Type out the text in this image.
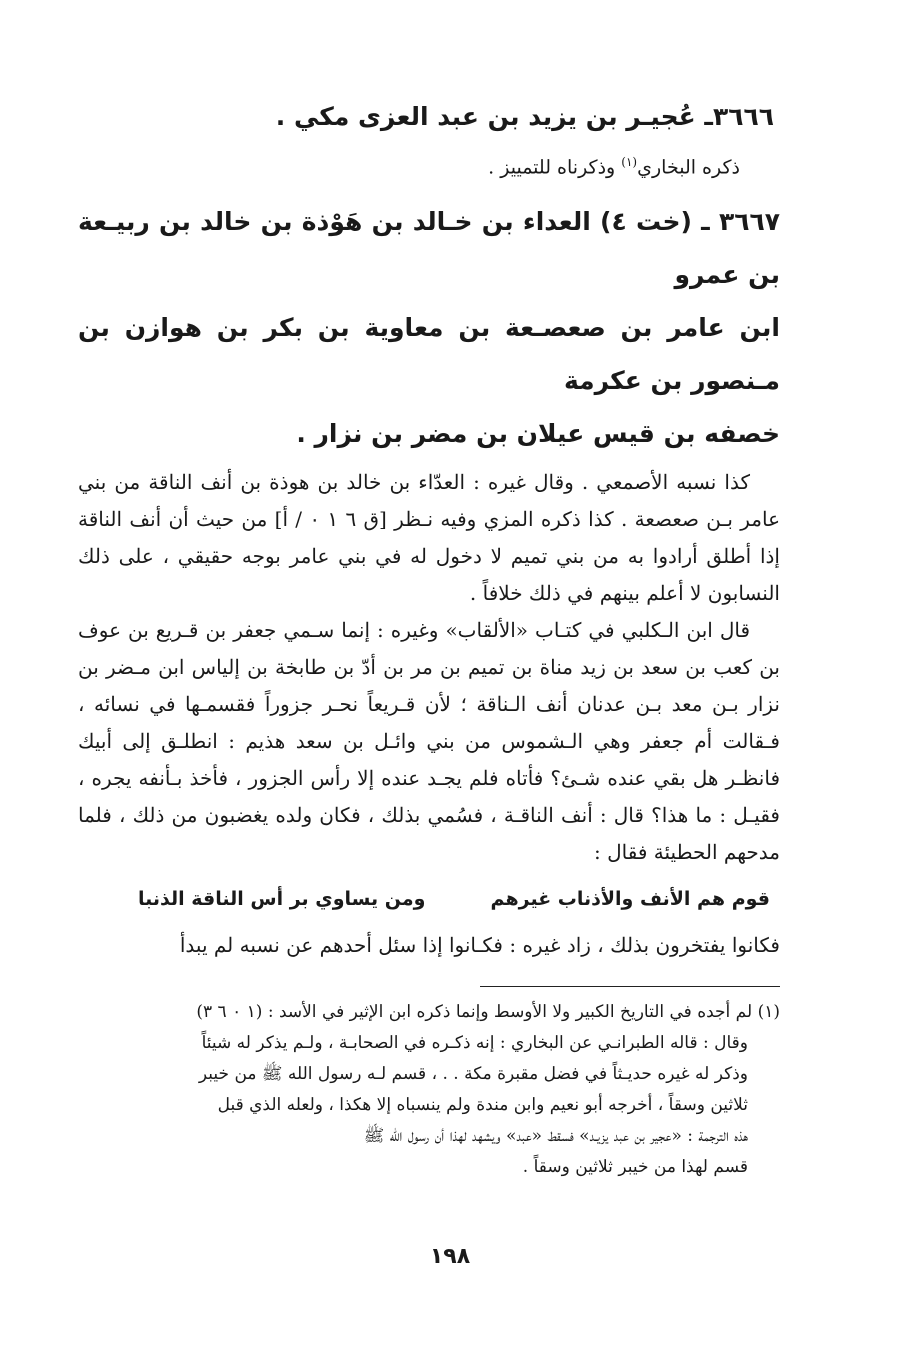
٣٦٦٦ـ عُجيـر بن يزيد بن عبد العزى مكي .

ذكره البخاري$^{(١)}$ وذكرناه للتمييز .

٣٦٦٧ ـ (خت ٤) العداء بن خـالد بن هَوْذة بن خالد بن ربيـعة بن عمرو

ابن عامر بن صعصـعة بن معاوية بن بكر بن هوازن بن مـنصور بن عكرمة

خصفه بن قيس عيلان بن مضر بن نزار .

كذا نسبه الأصمعي . وقال غيره : العدّاء بن خالد بن هوذة بن أنف الناقة من بني عامر بـن صعصعة . كذا ذكره المزي وفيه نـظر [ق ٦ ١ ٠ / أ] من حيث أن أنف الناقة إذا أطلق أرادوا به من بني تميم لا دخول له في بني عامر بوجه حقيقي ، على ذلك النسابون لا أعلم بينهم في ذلك خلافاً .

قال ابن الـكلبي في كتـاب «الألقاب» وغيره : إنما سـمي جعفر بن قـريع بن عوف بن كعب بن سعد بن زيد مناة بن تميم بن مر بن أدّ بن طابخة بن إلياس ابن مـضر بن نزار بـن معد بـن عدنان أنف الـناقة ؛ لأن قـريعاً نحـر جزوراً فقسمـها في نسائه ، فـقالت أم جعفر وهي الـشموس من بني وائـل بن سعد هذيم : انطلـق إلى أبيك فانظـر هل بقي عنده شـئ؟ فأتاه فلم يجـد عنده إلا رأس الجزور ، فأخذ بـأنفه يجره ، فقيـل : ما هذا؟ قال : أنف الناقـة ، فسُمي بذلك ، فكان ولده يغضبون من ذلك ، فلما مدحهم الحطيئة فقال :

قوم هم الأنف والأذناب غيرهم
ومن يساوي بر أس الناقة الذنبا

فكانوا يفتخرون بذلك ، زاد غيره : فكـانوا إذا سئل أحدهم عن نسبه لم يبدأ

(١) لم أجده في التاريخ الكبير ولا الأوسط وإنما ذكره ابن الإثير في الأسد : (١ ٠ ٦ ٣)
وقال : قاله الطبرانـي عن البخاري : إنه ذكـره في الصحابـة ، ولـم يذكر له شيئاً
وذكر له غيره حديـثاً في فضل مقبرة مكة . . ، قسم لـه رسول الله ﷺ من خيبر
ثلاثين وسقاً ، أخرجه أبو نعيم وابن مندة ولم ينسباه إلا هكذا ، ولعله الذي قبل
هذه الترجمة : «عجير بن عبد يزيـد» فسقط «عبد» ويشهد لهذا أن رسول الله ﷺ
قسم لهذا من خيبر ثلاثين وسقاً .

١٩٨
